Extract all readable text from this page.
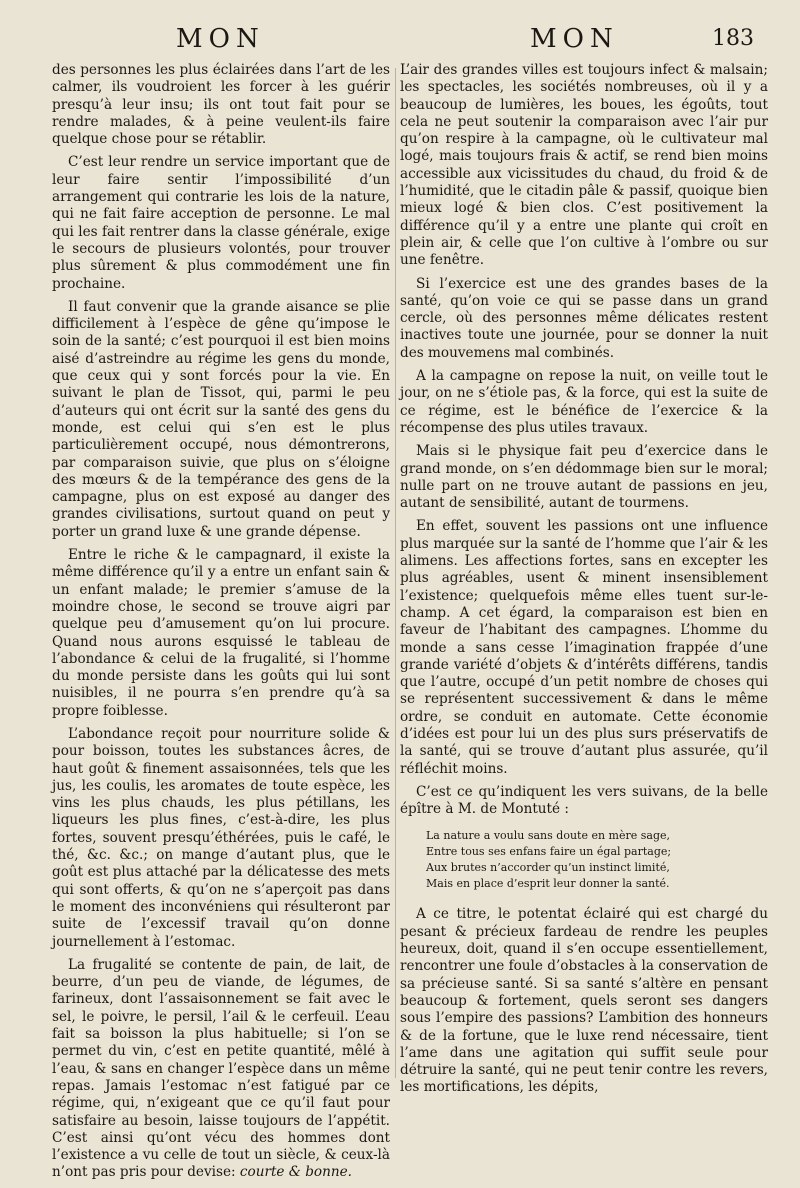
MON	MON	183

des personnes les plus éclairées dans l’art de les calmer, ils voudroient les forcer à les guérir presqu’à leur insu; ils ont tout fait pour se rendre malades, & à peine veulent-ils faire quelque chose pour se rétablir.

C’est leur rendre un service important que de leur faire sentir l’impossibilité d’un arrangement qui contrarie les lois de la nature, qui ne fait faire acception de personne. Le mal qui les fait rentrer dans la classe générale, exige le secours de plusieurs volontés, pour trouver plus sûrement & plus commodément une fin prochaine.

Il faut convenir que la grande aisance se plie difficilement à l’espèce de gêne qu’impose le soin de la santé; c’est pourquoi il est bien moins aisé d’astreindre au régime les gens du monde, que ceux qui y sont forcés pour la vie. En suivant le plan de Tissot, qui, parmi le peu d’auteurs qui ont écrit sur la santé des gens du monde, est celui qui s’en est le plus particulièrement occupé, nous démontrerons, par comparaison suivie, que plus on s’éloigne des mœurs & de la tempérance des gens de la campagne, plus on est exposé au danger des grandes civilisations, surtout quand on peut y porter un grand luxe & une grande dépense.

Entre le riche & le campagnard, il existe la même différence qu’il y a entre un enfant sain & un enfant malade; le premier s’amuse de la moindre chose, le second se trouve aigri par quelque peu d’amusement qu’on lui procure. Quand nous aurons esquissé le tableau de l’abondance & celui de la frugalité, si l’homme du monde persiste dans les goûts qui lui sont nuisibles, il ne pourra s’en prendre qu’à sa propre foiblesse.

L’abondance reçoit pour nourriture solide & pour boisson, toutes les substances âcres, de haut goût & finement assaisonnées, tels que les jus, les coulis, les aromates de toute espèce, les vins les plus chauds, les plus pétillans, les liqueurs les plus fines, c’est-à-dire, les plus fortes, souvent presqu’éthérées, puis le café, le thé, &c. &c.; on mange d’autant plus, que le goût est plus attaché par la délicatesse des mets qui sont offerts, & qu’on ne s’aperçoit pas dans le moment des inconvéniens qui résulteront par suite de l’excessif travail qu’on donne journellement à l’estomac.

La frugalité se contente de pain, de lait, de beurre, d’un peu de viande, de légumes, de farineux, dont l’assaisonnement se fait avec le sel, le poivre, le persil, l’ail & le cerfeuil. L’eau fait sa boisson la plus habituelle; si l’on se permet du vin, c’est en petite quantité, mêlé à l’eau, & sans en changer l’espèce dans un même repas. Jamais l’estomac n’est fatigué par ce régime, qui, n’exigeant que ce qu’il faut pour satisfaire au besoin, laisse toujours de l’appétit. C’est ainsi qu’ont vécu des hommes dont l’existence a vu celle de tout un siècle, & ceux-là n’ont pas pris pour devise: courte & bonne.

L’air des grandes villes est toujours infect & malsain; les spectacles, les sociétés nombreuses, où il y a beaucoup de lumières, les boues, les égoûts, tout cela ne peut soutenir la comparaison avec l’air pur qu’on respire à la campagne, où le cultivateur mal logé, mais toujours frais & actif, se rend bien moins accessible aux vicissitudes du chaud, du froid & de l’humidité, que le citadin pâle & passif, quoique bien mieux logé & bien clos. C’est positivement la différence qu’il y a entre une plante qui croît en plein air, & celle que l’on cultive à l’ombre ou sur une fenêtre.

Si l’exercice est une des grandes bases de la santé, qu’on voie ce qui se passe dans un grand cercle, où des personnes même délicates restent inactives toute une journée, pour se donner la nuit des mouvemens mal combinés.

A la campagne on repose la nuit, on veille tout le jour, on ne s’étiole pas, & la force, qui est la suite de ce régime, est le bénéfice de l’exercice & la récompense des plus utiles travaux.

Mais si le physique fait peu d’exercice dans le grand monde, on s’en dédommage bien sur le moral; nulle part on ne trouve autant de passions en jeu, autant de sensibilité, autant de tourmens.

En effet, souvent les passions ont une influence plus marquée sur la santé de l’homme que l’air & les alimens. Les affections fortes, sans en excepter les plus agréables, usent & minent insensiblement l’existence; quelquefois même elles tuent sur-le-champ. A cet égard, la comparaison est bien en faveur de l’habitant des campagnes. L’homme du monde a sans cesse l’imagination frappée d’une grande variété d’objets & d’intérêts différens, tandis que l’autre, occupé d’un petit nombre de choses qui se représentent successivement & dans le même ordre, se conduit en automate. Cette économie d’idées est pour lui un des plus surs préservatifs de la santé, qui se trouve d’autant plus assurée, qu’il réfléchit moins.

C’est ce qu’indiquent les vers suivans, de la belle épître à M. de Montuté :

La nature a voulu sans doute en mère sage,
Entre tous ses enfans faire un égal partage;
Aux brutes n’accorder qu’un instinct limité,
Mais en place d’esprit leur donner la santé.

A ce titre, le potentat éclairé qui est chargé du pesant & précieux fardeau de rendre les peuples heureux, doit, quand il s’en occupe essentiellement, rencontrer une foule d’obstacles à la conservation de sa précieuse santé. Si sa santé s’altère en pensant beaucoup & fortement, quels seront ses dangers sous l’empire des passions? L’ambition des honneurs & de la fortune, que le luxe rend nécessaire, tient l’ame dans une agitation qui suffit seule pour détruire la santé, qui ne peut tenir contre les revers, les mortifications, les dépits,
